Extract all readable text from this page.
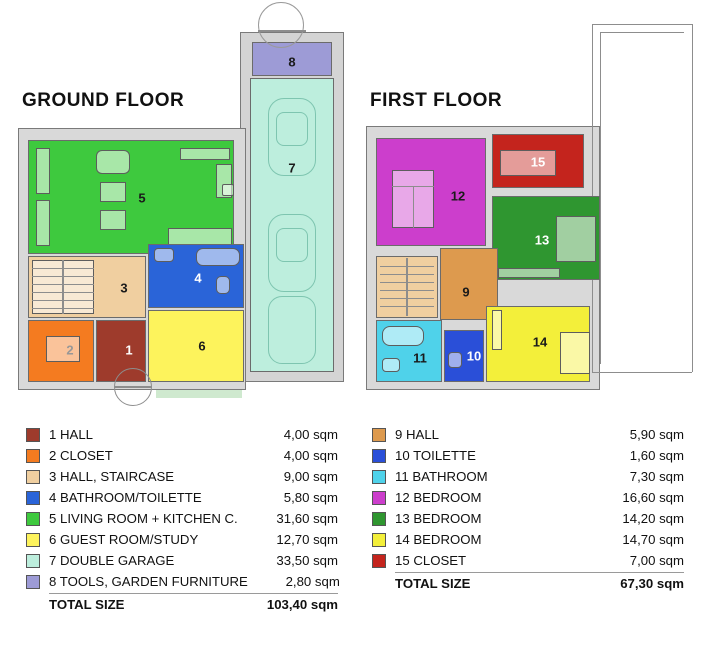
GROUND FLOOR	FIRST FLOOR
8
7
5
3
4
6
1
12
13
9
11	10
14
1 HALL	4,00 sqm
2 CLOSET	4,00 sqm
3 HALL, STAIRCASE	9,00 sqm
4 BATHROOM/TOILETTE	5,80 sqm
5 LIVING ROOM + KITCHEN C.	31,60 sqm
6 GUEST ROOM/STUDY	12,70 sqm
7 DOUBLE GARAGE	33,50 sqm
8 TOOLS, GARDEN FURNITURE	2,80 sqm
TOTAL SIZE	103,40 sqm
9 HALL	5,90 sqm
10 TOILETTE	1,60 sqm
11 BATHROOM	7,30 sqm
12 BEDROOM	16,60 sqm
13 BEDROOM	14,20 sqm
14 BEDROOM	14,70 sqm
15 CLOSET	7,00 sqm
TOTAL SIZE	67,30 sqm
